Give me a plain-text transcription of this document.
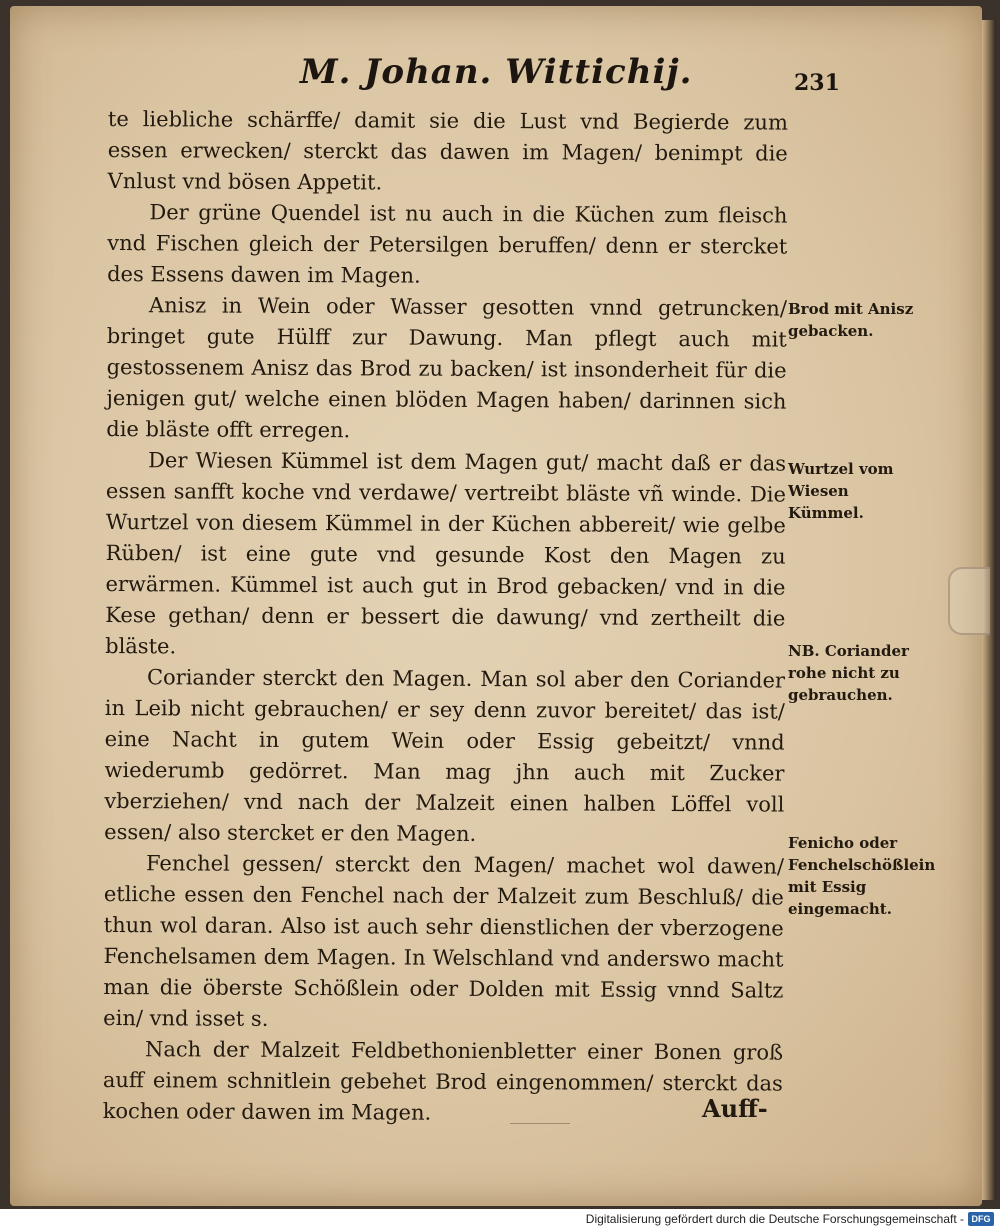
M. Johan. Wittichij.	231

te liebliche schärffe/ damit sie die Lust vnd Begierde zum essen erwecken/ sterckt das dawen im Magen/ benimpt die Vnlust vnd bösen Appetit.

Der grüne Quendel ist nu auch in die Küchen zum fleisch vnd Fischen gleich der Petersilgen beruffen/ denn er stercket des Essens dawen im Magen.

Anisz in Wein oder Wasser gesotten vnnd getruncken/ bringet gute Hülff zur Dawung. Man pflegt auch mit gestossenem Anisz das Brod zu backen/ ist insonderheit für die jenigen gut/ welche einen blöden Magen haben/ darinnen sich die bläste offt erregen.

Der Wiesen Kümmel ist dem Magen gut/ macht daß er das essen sanfft koche vnd verdawe/ vertreibt bläste vñ winde. Die Wurtzel von diesem Kümmel in der Küchen abbereit/ wie gelbe Rüben/ ist eine gute vnd gesunde Kost den Magen zu erwärmen. Kümmel ist auch gut in Brod gebacken/ vnd in die Kese gethan/ denn er bessert die dawung/ vnd zertheilt die bläste.

Coriander sterckt den Magen. Man sol aber den Coriander in Leib nicht gebrauchen/ er sey denn zuvor bereitet/ das ist/ eine Nacht in gutem Wein oder Essig gebeitzt/ vnnd wiederumb gedörret. Man mag jhn auch mit Zucker vberziehen/ vnd nach der Malzeit einen halben Löffel voll essen/ also stercket er den Magen.

Fenchel gessen/ sterckt den Magen/ machet wol dawen/ etliche essen den Fenchel nach der Malzeit zum Beschluß/ die thun wol daran. Also ist auch sehr dienstlichen der vberzogene Fenchelsamen dem Magen. In Welschland vnd anderswo macht man die öberste Schößlein oder Dolden mit Essig vnnd Saltz ein/ vnd isset s.

Nach der Malzeit Feldbethonienbletter einer Bonen groß auff einem schnitlein gebehet Brod eingenommen/ sterckt das kochen oder dawen im Magen.

Brod mit Anisz gebacken.
Wurtzel vom Wiesen Kümmel.
NB. Coriander rohe nicht zu gebrauchen.
Fenicho oder Fenchelschößlein mit Essig eingemacht.
Auff-
Digitalisierung gefördert durch die Deutsche Forschungsgemeinschaft - DFG
